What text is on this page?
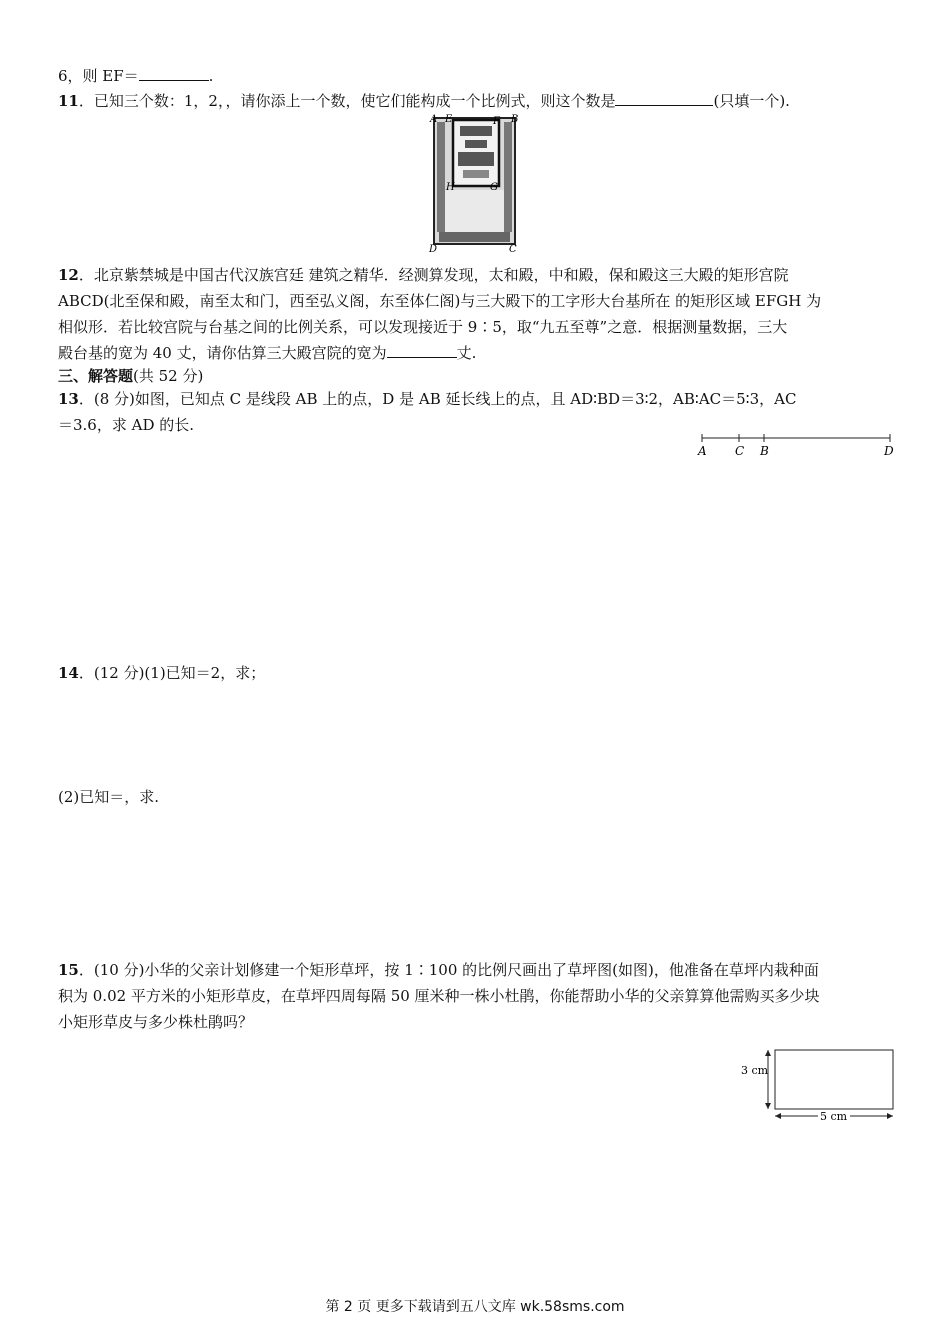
6，则 EF＝	.
11．已知三个数：1，2，，请你添上一个数，使它们能构成一个比例式，则这个数是	(只填一个).
A E	F B
H	G
D	C
12．北京紫禁城是中国古代汉族宫廷 建筑之精华．经测算发现，太和殿，中和殿，保和殿这三大殿的矩形宫院
ABCD(北至保和殿，南至太和门，西至弘义阁，东至体仁阁)与三大殿下的工字形大台基所在 的矩形区域 EFGH 为
相似形．若比较宫院与台基之间的比例关系，可以发现接近于 9∶5，取“九五至尊”之意．根据测量数据，三大
殿台基的宽为 40 丈，请你估算三大殿宫院的宽为	丈.
三、解答题(共 52 分)
13．(8 分)如图，已知点 C 是线段 AB 上的点，D 是 AB 延长线上的点，且 AD∶BD＝3∶2，AB∶AC＝5∶3，AC
＝3.6，求 AD 的长.
A C B	D
14．(12 分)(1)已知＝2，求；
(2)已知＝，求.
15．(10 分)小华的父亲计划修建一个矩形草坪，按 1∶100 的比例尺画出了草坪图(如图)，他准备在草坪内栽种面
积为 0.02 平方米的小矩形草皮，在草坪四周每隔 50 厘米种一株小杜鹃，你能帮助小华的父亲算算他需购买多少块
小矩形草皮与多少株杜鹃吗？
3 cm
5 cm
第 2 页 更多下载请到五八文库 wk.58sms.com
